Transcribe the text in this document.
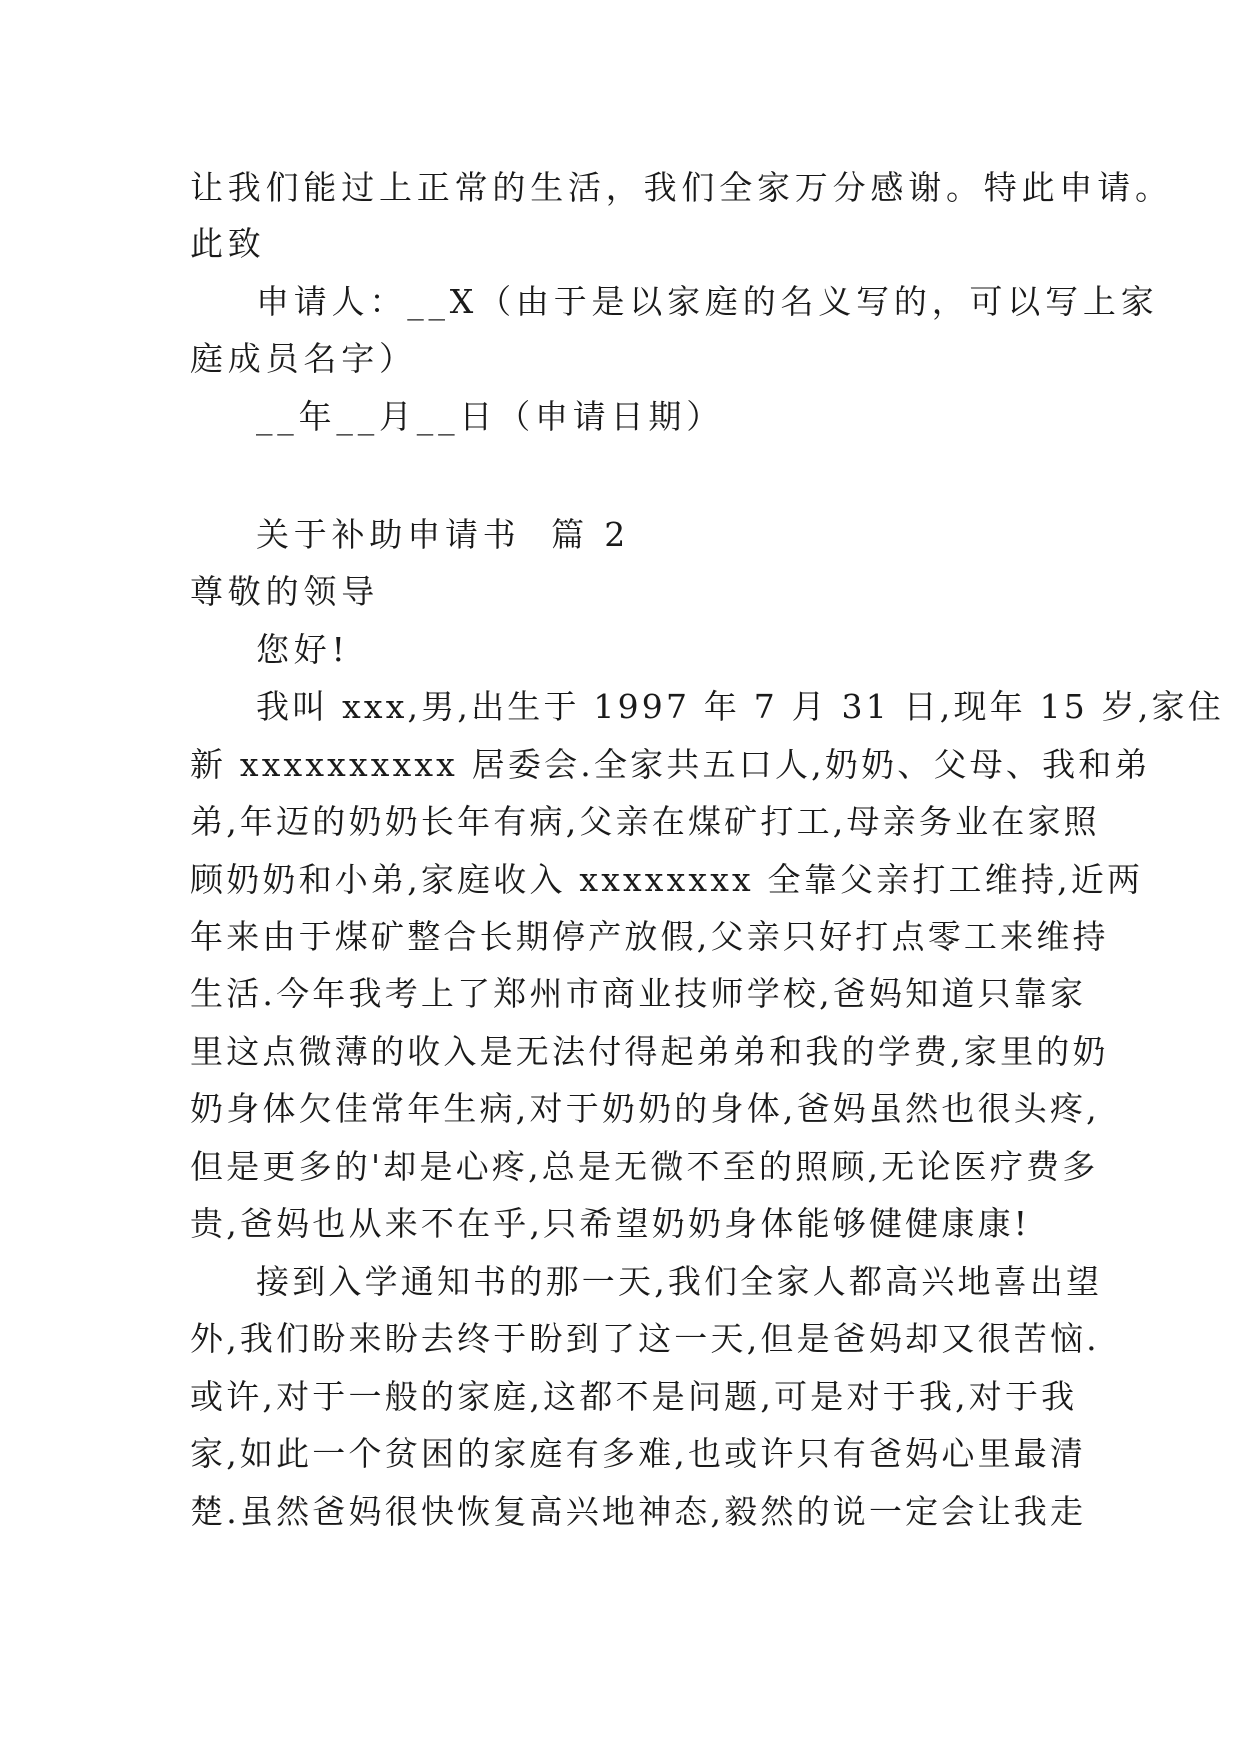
让我们能过上正常的生活，我们全家万分感谢。特此申请。
此致
申请人：__X（由于是以家庭的名义写的，可以写上家
庭成员名字）
__年__月__日（申请日期）
关于补助申请书  篇 2
尊敬的领导
您好!
我叫 xxx,男,出生于 1997 年 7 月 31 日,现年 15 岁,家住
新 xxxxxxxxxx 居委会.全家共五口人,奶奶、父母、我和弟
弟,年迈的奶奶长年有病,父亲在煤矿打工,母亲务业在家照
顾奶奶和小弟,家庭收入 xxxxxxxx 全靠父亲打工维持,近两
年来由于煤矿整合长期停产放假,父亲只好打点零工来维持
生活.今年我考上了郑州市商业技师学校,爸妈知道只靠家
里这点微薄的收入是无法付得起弟弟和我的学费,家里的奶
奶身体欠佳常年生病,对于奶奶的身体,爸妈虽然也很头疼,
但是更多的'却是心疼,总是无微不至的照顾,无论医疗费多
贵,爸妈也从来不在乎,只希望奶奶身体能够健健康康!
接到入学通知书的那一天,我们全家人都高兴地喜出望
外,我们盼来盼去终于盼到了这一天,但是爸妈却又很苦恼.
或许,对于一般的家庭,这都不是问题,可是对于我,对于我
家,如此一个贫困的家庭有多难,也或许只有爸妈心里最清
楚.虽然爸妈很快恢复高兴地神态,毅然的说一定会让我走
